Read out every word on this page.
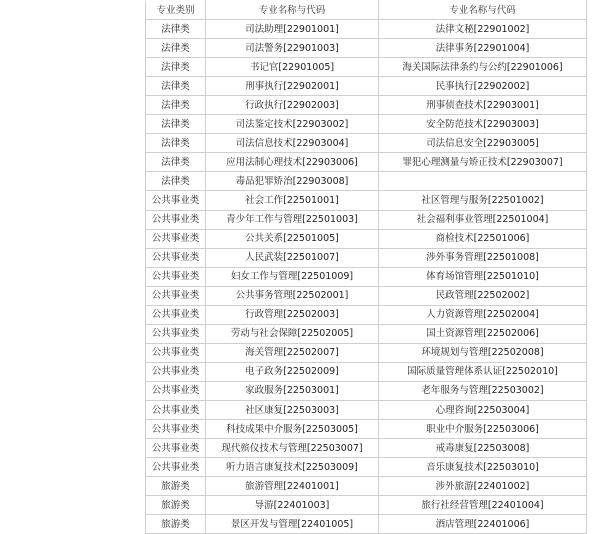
专业类别	专业名称与代码	专业名称与代码
法律类	司法助理[22901001]	法律文秘[22901002]
法律类	司法警务[22901003]	法律事务[22901004]
法律类	书记官[22901005]	海关国际法律条约与公约[22901006]
法律类	刑事执行[22902001]	民事执行[22902002]
法律类	行政执行[22902003]	刑事侦查技术[22903001]
法律类	司法鉴定技术[22903002]	安全防范技术[22903003]
法律类	司法信息技术[22903004]	司法信息安全[22903005]
法律类	应用法制心理技术[22903006]	罪犯心理测量与矫正技术[22903007]
法律类	毒品犯罪矫治[22903008]	
公共事业类	社会工作[22501001]	社区管理与服务[22501002]
公共事业类	青少年工作与管理[22501003]	社会福利事业管理[22501004]
公共事业类	公共关系[22501005]	商检技术[22501006]
公共事业类	人民武装[22501007]	涉外事务管理[22501008]
公共事业类	妇女工作与管理[22501009]	体育场馆管理[22501010]
公共事业类	公共事务管理[22502001]	民政管理[22502002]
公共事业类	行政管理[22502003]	人力资源管理[22502004]
公共事业类	劳动与社会保障[22502005]	国土资源管理[22502006]
公共事业类	海关管理[22502007]	环境规划与管理[22502008]
公共事业类	电子政务[22502009]	国际质量管理体系认证[22502010]
公共事业类	家政服务[22503001]	老年服务与管理[22503002]
公共事业类	社区康复[22503003]	心理咨询[22503004]
公共事业类	科技成果中介服务[22503005]	职业中介服务[22503006]
公共事业类	现代殡仪技术与管理[22503007]	戒毒康复[22503008]
公共事业类	听力语言康复技术[22503009]	音乐康复技术[22503010]
旅游类	旅游管理[22401001]	涉外旅游[22401002]
旅游类	导游[22401003]	旅行社经营管理[22401004]
旅游类	景区开发与管理[22401005]	酒店管理[22401006]
